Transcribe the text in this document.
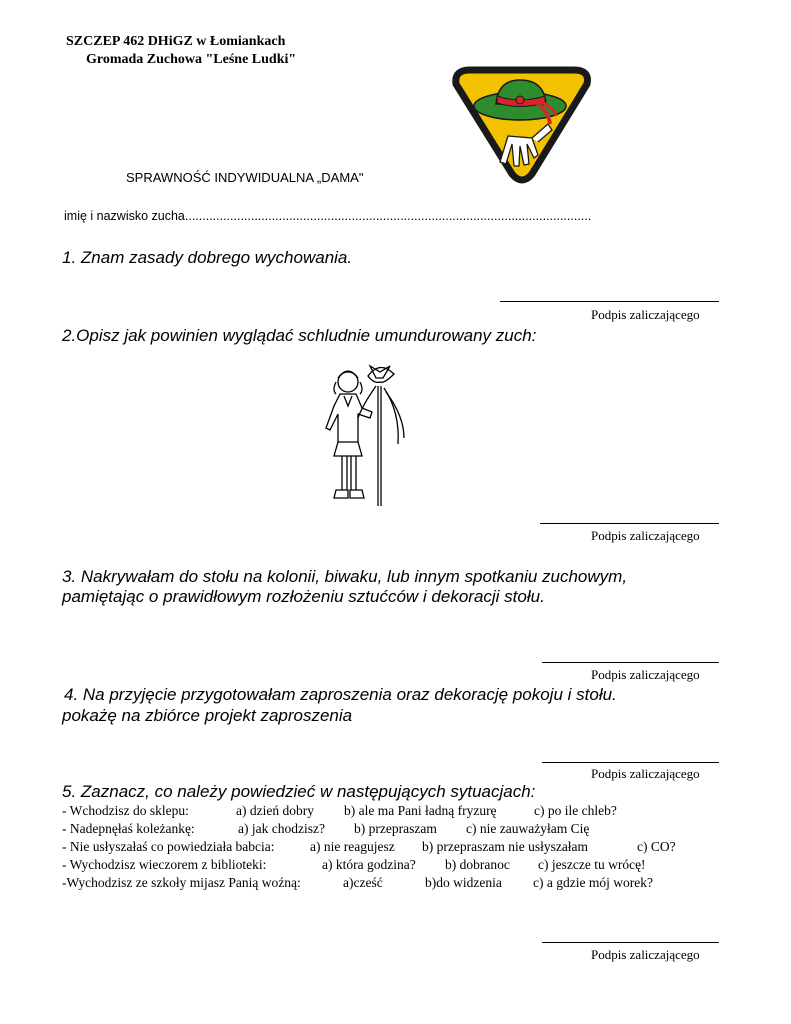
SZCZEP 462 DHiGZ w Łomiankach
Gromada Zuchowa "Leśne Ludki"
SPRAWNOŚĆ INDYWIDUALNA „DAMA"
imię i nazwisko zucha.....................................................................................................................
1. Znam zasady dobrego wychowania.
Podpis zaliczającego
2.Opisz jak powinien wyglądać schludnie umundurowany zuch:
Podpis zaliczającego
3. Nakrywałam do stołu na kolonii, biwaku, lub innym spotkaniu zuchowym,
pamiętając o prawidłowym rozłożeniu sztućców i dekoracji stołu.
Podpis zaliczającego
4. Na przyjęcie przygotowałam zaproszenia oraz dekorację pokoju i stołu.
pokażę na zbiórce projekt zaproszenia
Podpis zaliczającego
5. Zaznacz, co należy powiedzieć w następujących sytuacjach:
- Wchodzisz do sklepu:	a) dzień dobry b) ale ma Pani ładną fryzurę	c) po ile chleb?
- Nadepnęłaś koleżankę:	a) jak chodzisz? b) przepraszam c) nie zauważyłam Cię
- Nie usłyszałaś co powiedziała babcia:	a) nie reagujesz b) przepraszam nie usłyszałam	c) CO?
- Wychodzisz wieczorem z biblioteki:	a) która godzina? b) dobranoc c) jeszcze tu wrócę!
-Wychodzisz ze szkoły mijasz Panią woźną:	a)cześć	b)do widzenia c) a gdzie mój worek?
Podpis zaliczającego
